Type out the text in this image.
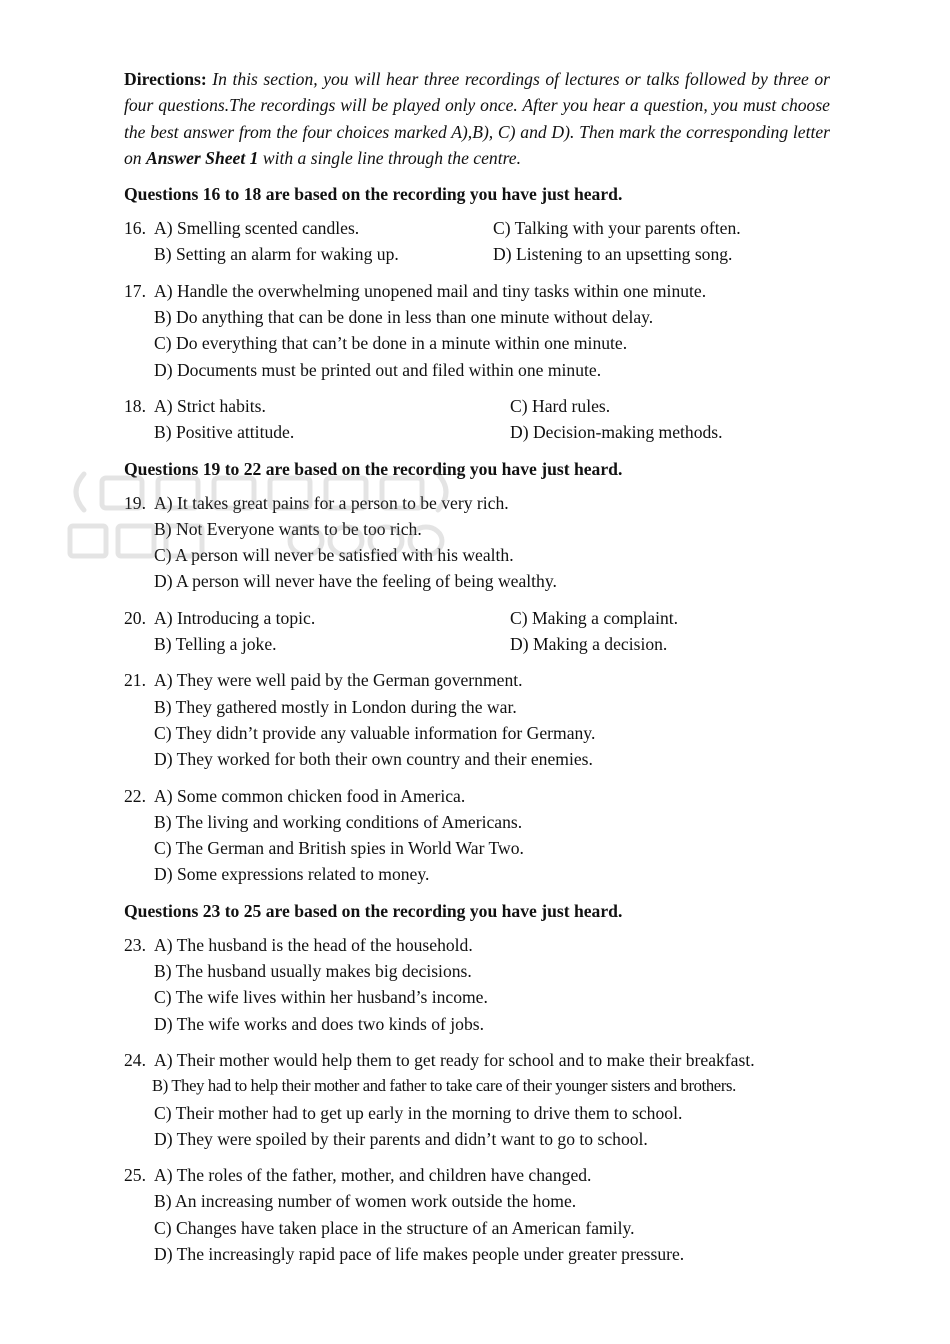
Directions: In this section, you will hear three recordings of lectures or talks followed by three or four questions.The recordings will be played only once. After you hear a question, you must choose the best answer from the four choices marked A),B), C) and D). Then mark the corresponding letter on Answer Sheet 1 with a single line through the centre.

Questions 16 to 18 are based on the recording you have just heard.
16. A) Smelling scented candles.	C) Talking with your parents often.
B) Setting an alarm for waking up.	D) Listening to an upsetting song.
17. A) Handle the overwhelming unopened mail and tiny tasks within one minute.
B) Do anything that can be done in less than one minute without delay.
C) Do everything that can’t be done in a minute within one minute.
D) Documents must be printed out and filed within one minute.
18. A) Strict habits.	C) Hard rules.
B) Positive attitude.	D) Decision-making methods.
Questions 19 to 22 are based on the recording you have just heard.
19. A) It takes great pains for a person to be very rich.
B) Not Everyone wants to be too rich.
C) A person will never be satisfied with his wealth.
D) A person will never have the feeling of being wealthy.
20. A) Introducing a topic.	C) Making a complaint.
B) Telling a joke.	D) Making a decision.
21. A) They were well paid by the German government.
B) They gathered mostly in London during the war.
C) They didn’t provide any valuable information for Germany.
D) They worked for both their own country and their enemies.
22. A) Some common chicken food in America.
B) The living and working conditions of Americans.
C) The German and British spies in World War Two.
D) Some expressions related to money.
Questions 23 to 25 are based on the recording you have just heard.
23. A) The husband is the head of the household.
B) The husband usually makes big decisions.
C) The wife lives within her husband’s income.
D) The wife works and does two kinds of jobs.
24. A) Their mother would help them to get ready for school and to make their breakfast.
B) They had to help their mother and father to take care of their younger sisters and brothers.
C) Their mother had to get up early in the morning to drive them to school.
D) They were spoiled by their parents and didn’t want to go to school.
25. A) The roles of the father, mother, and children have changed.
B) An increasing number of women work outside the home.
C) Changes have taken place in the structure of an American family.
D) The increasingly rapid pace of life makes people under greater pressure.
